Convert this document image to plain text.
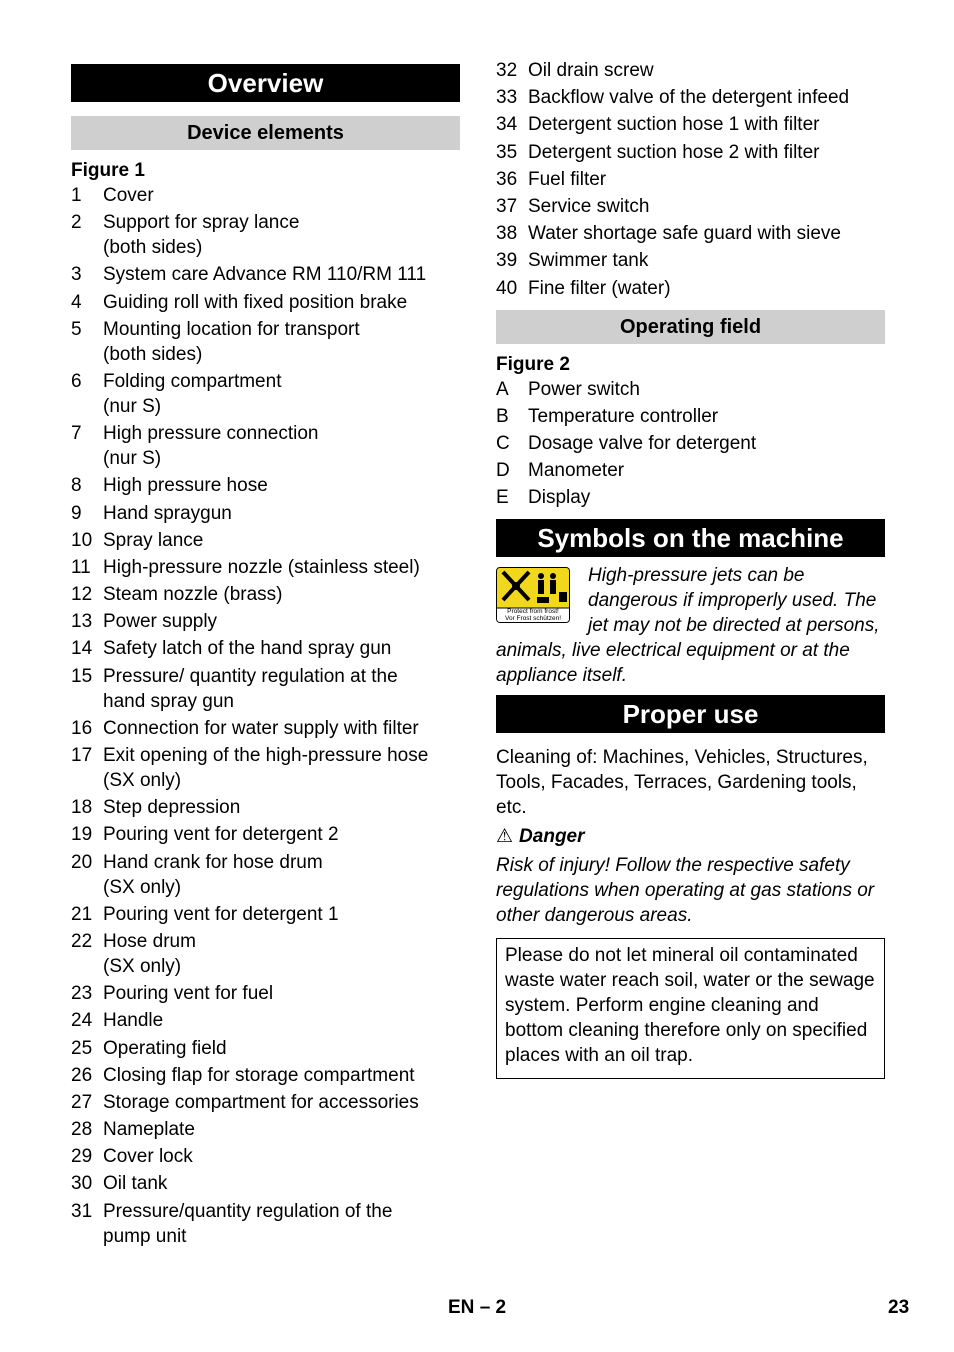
Overview
Device elements
Figure 1
1	Cover
2	Support for spray lance
(both sides)
3	System care Advance RM 110/RM 111
4	Guiding roll with fixed position brake
5	Mounting location for transport
(both sides)
6	Folding compartment
(nur S)
7	High pressure connection
(nur S)
8	High pressure hose
9	Hand spraygun
10 Spray lance
11 High-pressure nozzle (stainless steel)
12 Steam nozzle (brass)
13 Power supply
14 Safety latch of the hand spray gun
15 Pressure/ quantity regulation at the
hand spray gun
16 Connection for water supply with filter
17 Exit opening of the high-pressure hose
(SX only)
18 Step depression
19 Pouring vent for detergent 2
20 Hand crank for hose drum
(SX only)
21 Pouring vent for detergent 1
22 Hose drum
(SX only)
23 Pouring vent for fuel
24 Handle
25 Operating field
26 Closing flap for storage compartment
27 Storage compartment for accessories
28 Nameplate
29 Cover lock
30 Oil tank
31 Pressure/quantity regulation of the
pump unit
32 Oil drain screw
33 Backflow valve of the detergent infeed
34 Detergent suction hose 1 with filter
35 Detergent suction hose 2 with filter
36 Fuel filter
37 Service switch
38 Water shortage safe guard with sieve
39 Swimmer tank
40 Fine filter (water)
Operating field
Figure 2
A	Power switch
B	Temperature controller
C Dosage valve for detergent
D Manometer
E	Display
Symbols on the machine
Protect from frost!
Vor Frost schützen!
High-pressure jets can be dangerous if improperly used. The jet may not be directed at persons, animals, live electrical equipment or at the appliance itself.
Proper use
Cleaning of: Machines, Vehicles, Structures, Tools, Facades, Terraces, Gardening tools, etc.
⚠ Danger
Risk of injury! Follow the respective safety regulations when operating at gas stations or other dangerous areas.
Please do not let mineral oil contaminated waste water reach soil, water or the sewage system. Perform engine cleaning and bottom cleaning therefore only on specified places with an oil trap.
EN – 2	23
